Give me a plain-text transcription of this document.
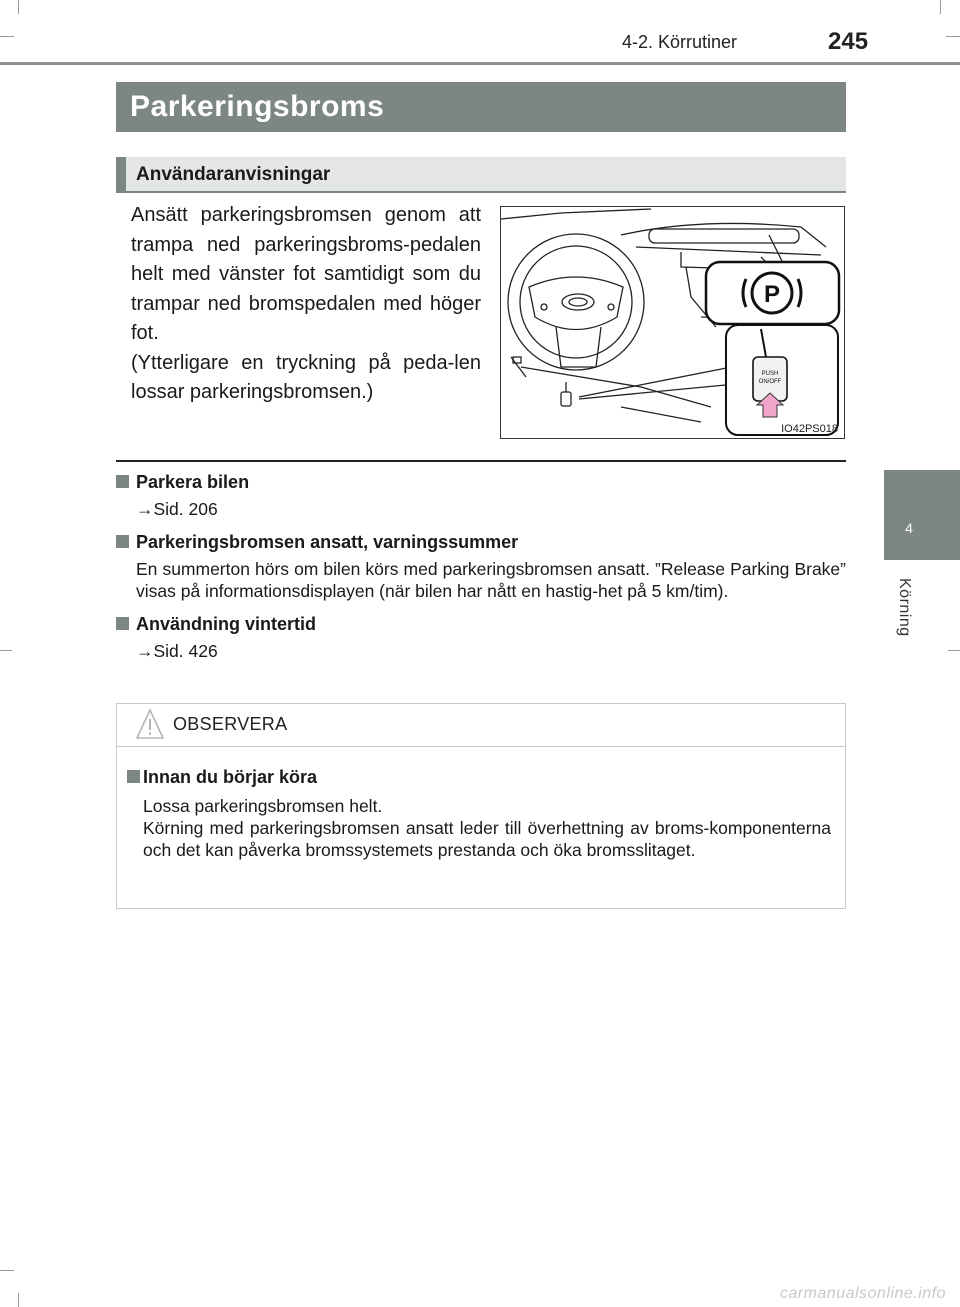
4-2. Körrutiner	245
4
Körning
Parkeringsbroms
Användaranvisningar

Ansätt parkeringsbromsen genom att trampa ned parkeringsbroms-pedalen helt med vänster fot samtidigt som du trampar ned bromspedalen med höger fot.

(Ytterligare en tryckning på peda-len lossar parkeringsbromsen.)

P
PUSH
ON/OFF
IO42PS018
Parkera bilen

→Sid. 206

Parkeringsbromsen ansatt, varningssummer

En summerton hörs om bilen körs med parkeringsbromsen ansatt. ”Release Parking Brake” visas på informationsdisplayen (när bilen har nått en hastig-het på 5 km/tim).

Användning vintertid

→Sid. 426

OBSERVERA
Innan du börjar köra

Lossa parkeringsbromsen helt.

Körning med parkeringsbromsen ansatt leder till överhettning av broms-komponenterna och det kan påverka bromssystemets prestanda och öka bromsslitaget.

carmanualsonline.info
